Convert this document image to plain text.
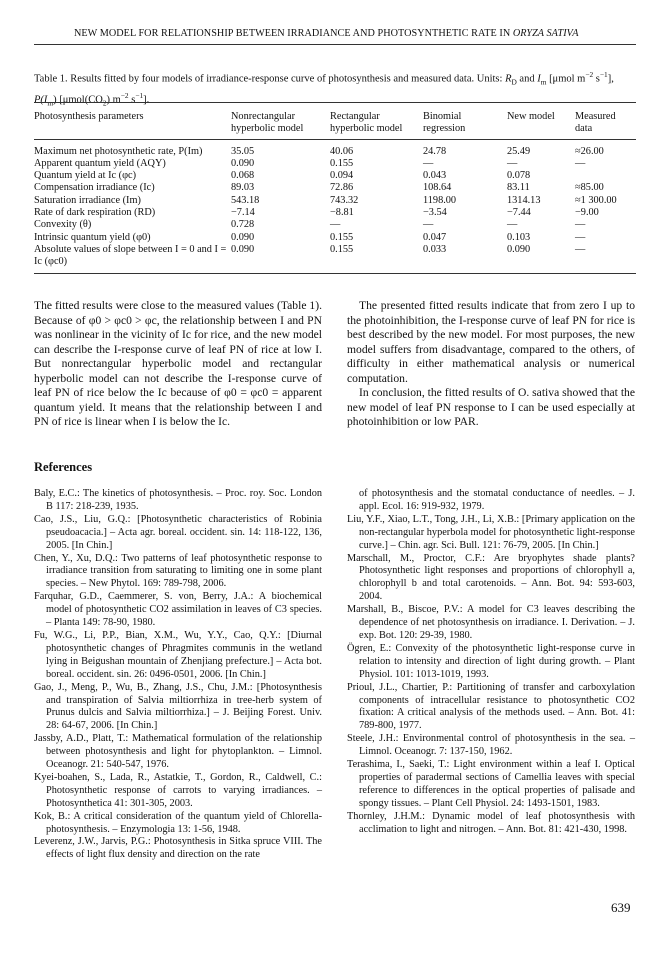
NEW MODEL FOR RELATIONSHIP BETWEEN IRRADIANCE AND PHOTOSYNTHETIC RATE IN ORYZA SATIVA
Table 1. Results fitted by four models of irradiance-response curve of photosynthesis and measured data. Units: $R_D$ and $I_m$ [μmol $m^{-2}$ $s^{-1}$], $P(I_m)$ [$\mu mol(CO_2)$ $m^{-2}$ $s^{-1}$].
Photosynthesis parameters	Nonrectangular hyperbolic model	Rectangular hyperbolic model	Binomial regression	New model	Measured data
Maximum net photosynthetic rate, P(Im)	35.05	40.06	24.78	25.49	≈26.00
Apparent quantum yield (AQY)	0.090	0.155	—	—	—
Quantum yield at Ic (φc)	0.068	0.094	0.043	0.078	
Compensation irradiance (Ic)	89.03	72.86	108.64	83.11	≈85.00
Saturation irradiance (Im)	543.18	743.32	1198.00	1314.13	≈1 300.00
Rate of dark respiration (RD)	−7.14	−8.81	−3.54	−7.44	−9.00
Convexity (θ)	0.728	—	—	—	—
Intrinsic quantum yield (φ0)	0.090	0.155	0.047	0.103	—
Absolute values of slope between I = 0 and I = Ic (φc0)	0.090	0.155	0.033	0.090	—

The fitted results were close to the measured values (Table 1). Because of φ0 > φc0 > φc, the relationship between I and PN was nonlinear in the vicinity of Ic for rice, and the new model can describe the I-response curve of leaf PN of rice at low I. But nonrectangular hyperbolic model and rectangular hyperbolic model can not describe the I-response curve of leaf PN of rice below the Ic because of φ0 = φc0 = apparent quantum yield. It means that the relationship between I and PN of rice is linear when I is below the Ic.

The presented fitted results indicate that from zero I up to the photoinhibition, the I-response curve of leaf PN for rice is best described by the new model. For most purposes, the new model suffers from disadvantage, compared to the others, of difficulty in either mathematical analysis or numerical computation.

In conclusion, the fitted results of O. sativa showed that the new model of leaf PN response to I can be used especially at photoinhibition or low PAR.

References

Baly, E.C.: The kinetics of photosynthesis. – Proc. roy. Soc. London B 117: 218-239, 1935.

Cao, J.S., Liu, G.Q.: [Photosynthetic characteristics of Robinia pseudoacacia.] – Acta agr. boreal. occident. sin. 14: 118-122, 136, 2005. [In Chin.]

Chen, Y., Xu, D.Q.: Two patterns of leaf photosynthetic response to irradiance transition from saturating to limiting one in some plant species. – New Phytol. 169: 789-798, 2006.

Farquhar, G.D., Caemmerer, S. von, Berry, J.A.: A biochemical model of photosynthetic CO2 assimilation in leaves of C3 species. – Planta 149: 78-90, 1980.

Fu, W.G., Li, P.P., Bian, X.M., Wu, Y.Y., Cao, Q.Y.: [Diurnal photosynthetic changes of Phragmites communis in the wetland lying in Beigushan mountain of Zhenjiang prefecture.] – Acta bot. boreal. occident. sin. 26: 0496-0501, 2006. [In Chin.]

Gao, J., Meng, P., Wu, B., Zhang, J.S., Chu, J.M.: [Photosynthesis and transpiration of Salvia miltiorrhiza in tree-herb system of Prunus dulcis and Salvia miltiorrhiza.] – J. Beijing Forest. Univ. 28: 64-67, 2006. [In Chin.]

Jassby, A.D., Platt, T.: Mathematical formulation of the relationship between photosynthesis and light for phytoplankton. – Limnol. Oceanogr. 21: 540-547, 1976.

Kyei-boahen, S., Lada, R., Astatkie, T., Gordon, R., Caldwell, C.: Photosynthetic response of carrots to varying irradiances. – Photosynthetica 41: 301-305, 2003.

Kok, B.: A critical consideration of the quantum yield of Chlorella-photosynthesis. – Enzymologia 13: 1-56, 1948.

Leverenz, J.W., Jarvis, P.G.: Photosynthesis in Sitka spruce VIII. The effects of light flux density and direction on the rate

of photosynthesis and the stomatal conductance of needles. – J. appl. Ecol. 16: 919-932, 1979.

Liu, Y.F., Xiao, L.T., Tong, J.H., Li, X.B.: [Primary application on the non-rectangular hyperbola model for photosynthetic light-response curve.] – Chin. agr. Sci. Bull. 121: 76-79, 2005. [In Chin.]

Marschall, M., Proctor, C.F.: Are bryophytes shade plants? Photosynthetic light responses and proportions of chlorophyll a, chlorophyll b and total carotenoids. – Ann. Bot. 94: 593-603, 2004.

Marshall, B., Biscoe, P.V.: A model for C3 leaves describing the dependence of net photosynthesis on irradiance. I. Derivation. – J. exp. Bot. 120: 29-39, 1980.

Ögren, E.: Convexity of the photosynthetic light-response curve in relation to intensity and direction of light during growth. – Plant Physiol. 101: 1013-1019, 1993.

Prioul, J.L., Chartier, P.: Partitioning of transfer and carboxylation components of intracellular resistance to photosynthetic CO2 fixation: A critical analysis of the methods used. – Ann. Bot. 41: 789-800, 1977.

Steele, J.H.: Environmental control of photosynthesis in the sea. – Limnol. Oceanogr. 7: 137-150, 1962.

Terashima, I., Saeki, T.: Light environment within a leaf I. Optical properties of paradermal sections of Camellia leaves with special reference to differences in the optical properties of palisade and spongy tissues. – Plant Cell Physiol. 24: 1493-1501, 1983.

Thornley, J.H.M.: Dynamic model of leaf photosynthesis with acclimation to light and nitrogen. – Ann. Bot. 81: 421-430, 1998.

639
